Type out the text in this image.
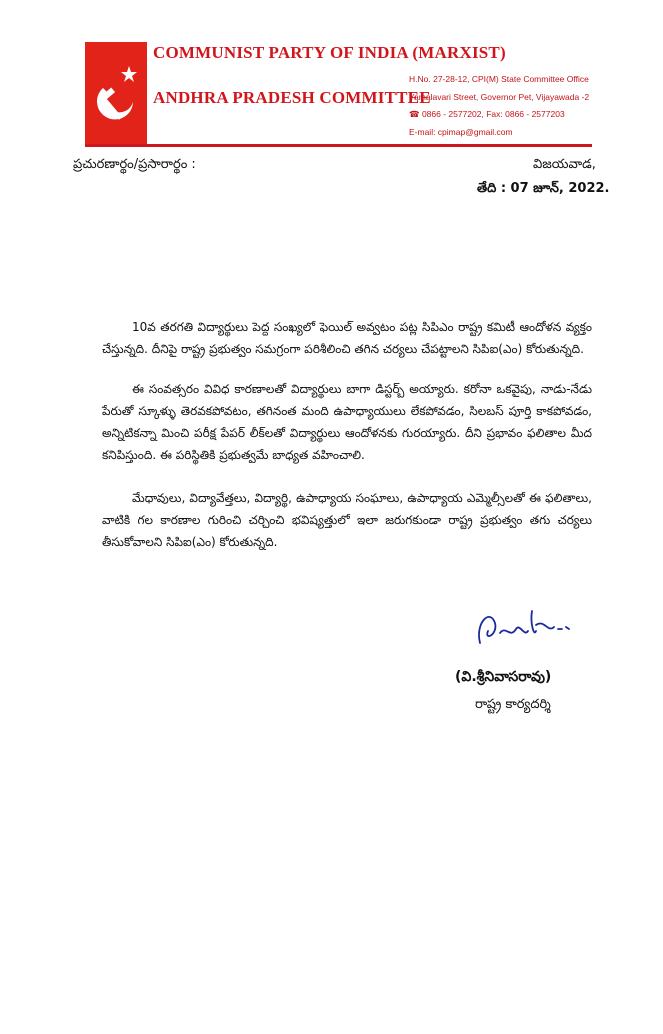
COMMUNIST PARTY OF INDIA (MARXIST)
ANDHRA PRADESH COMMITTEE
H.No. 27-28-12, CPI(M) State Committee Office
Yamalavari Street, Governor Pet, Vijayawada -2
☎ 0866 - 2577202, Fax: 0866 - 2577203
E-mail: cpimap@gmail.com
ప్రచురణార్థం/ప్రసారార్థం :	విజయవాడ,
తేది : 07 జూన్, 2022.

10వ తరగతి విద్యార్థులు పెద్ద సంఖ్యలో ఫెయిల్ అవ్వటం పట్ల సిపిఎం రాష్ట్ర కమిటీ ఆందోళన వ్యక్తం చేస్తున్నది. దీనిపై రాష్ట్ర ప్రభుత్వం సమగ్రంగా పరిశీలించి తగిన చర్యలు చేపట్టాలని సిపిఐ(ఎం) కోరుతున్నది.

ఈ సంవత్సరం వివిధ కారణాలతో విద్యార్థులు బాగా డిస్టర్బ్ అయ్యారు. కరోనా ఒకవైపు, నాడు-నేడు పేరుతో స్కూళ్ళు తెరవకపోవటం, తగినంత మంది ఉపాధ్యాయులు లేకపోవడం, సిలబస్ పూర్తి కాకపోవడం, అన్నిటికన్నా మించి పరీక్ష పేపర్ లీక్‌లతో విద్యార్థులు ఆందోళనకు గురయ్యారు. దీని ప్రభావం ఫలితాల మీద కనిపిస్తుంది. ఈ పరిస్థితికి ప్రభుత్వమే బాధ్యత వహించాలి.

మేధావులు, విద్యావేత్తలు, విద్యార్థి, ఉపాధ్యాయ సంఘాలు, ఉపాధ్యాయ ఎమ్మెల్సీలతో ఈ ఫలితాలు, వాటికి గల కారణాల గురించి చర్చించి భవిష్యత్తులో ఇలా జరుగకుండా రాష్ట్ర ప్రభుత్వం తగు చర్యలు తీసుకోవాలని సిపిఐ(ఎం) కోరుతున్నది.

(వి.శ్రీనివాసరావు)
రాష్ట్ర కార్యదర్శి
